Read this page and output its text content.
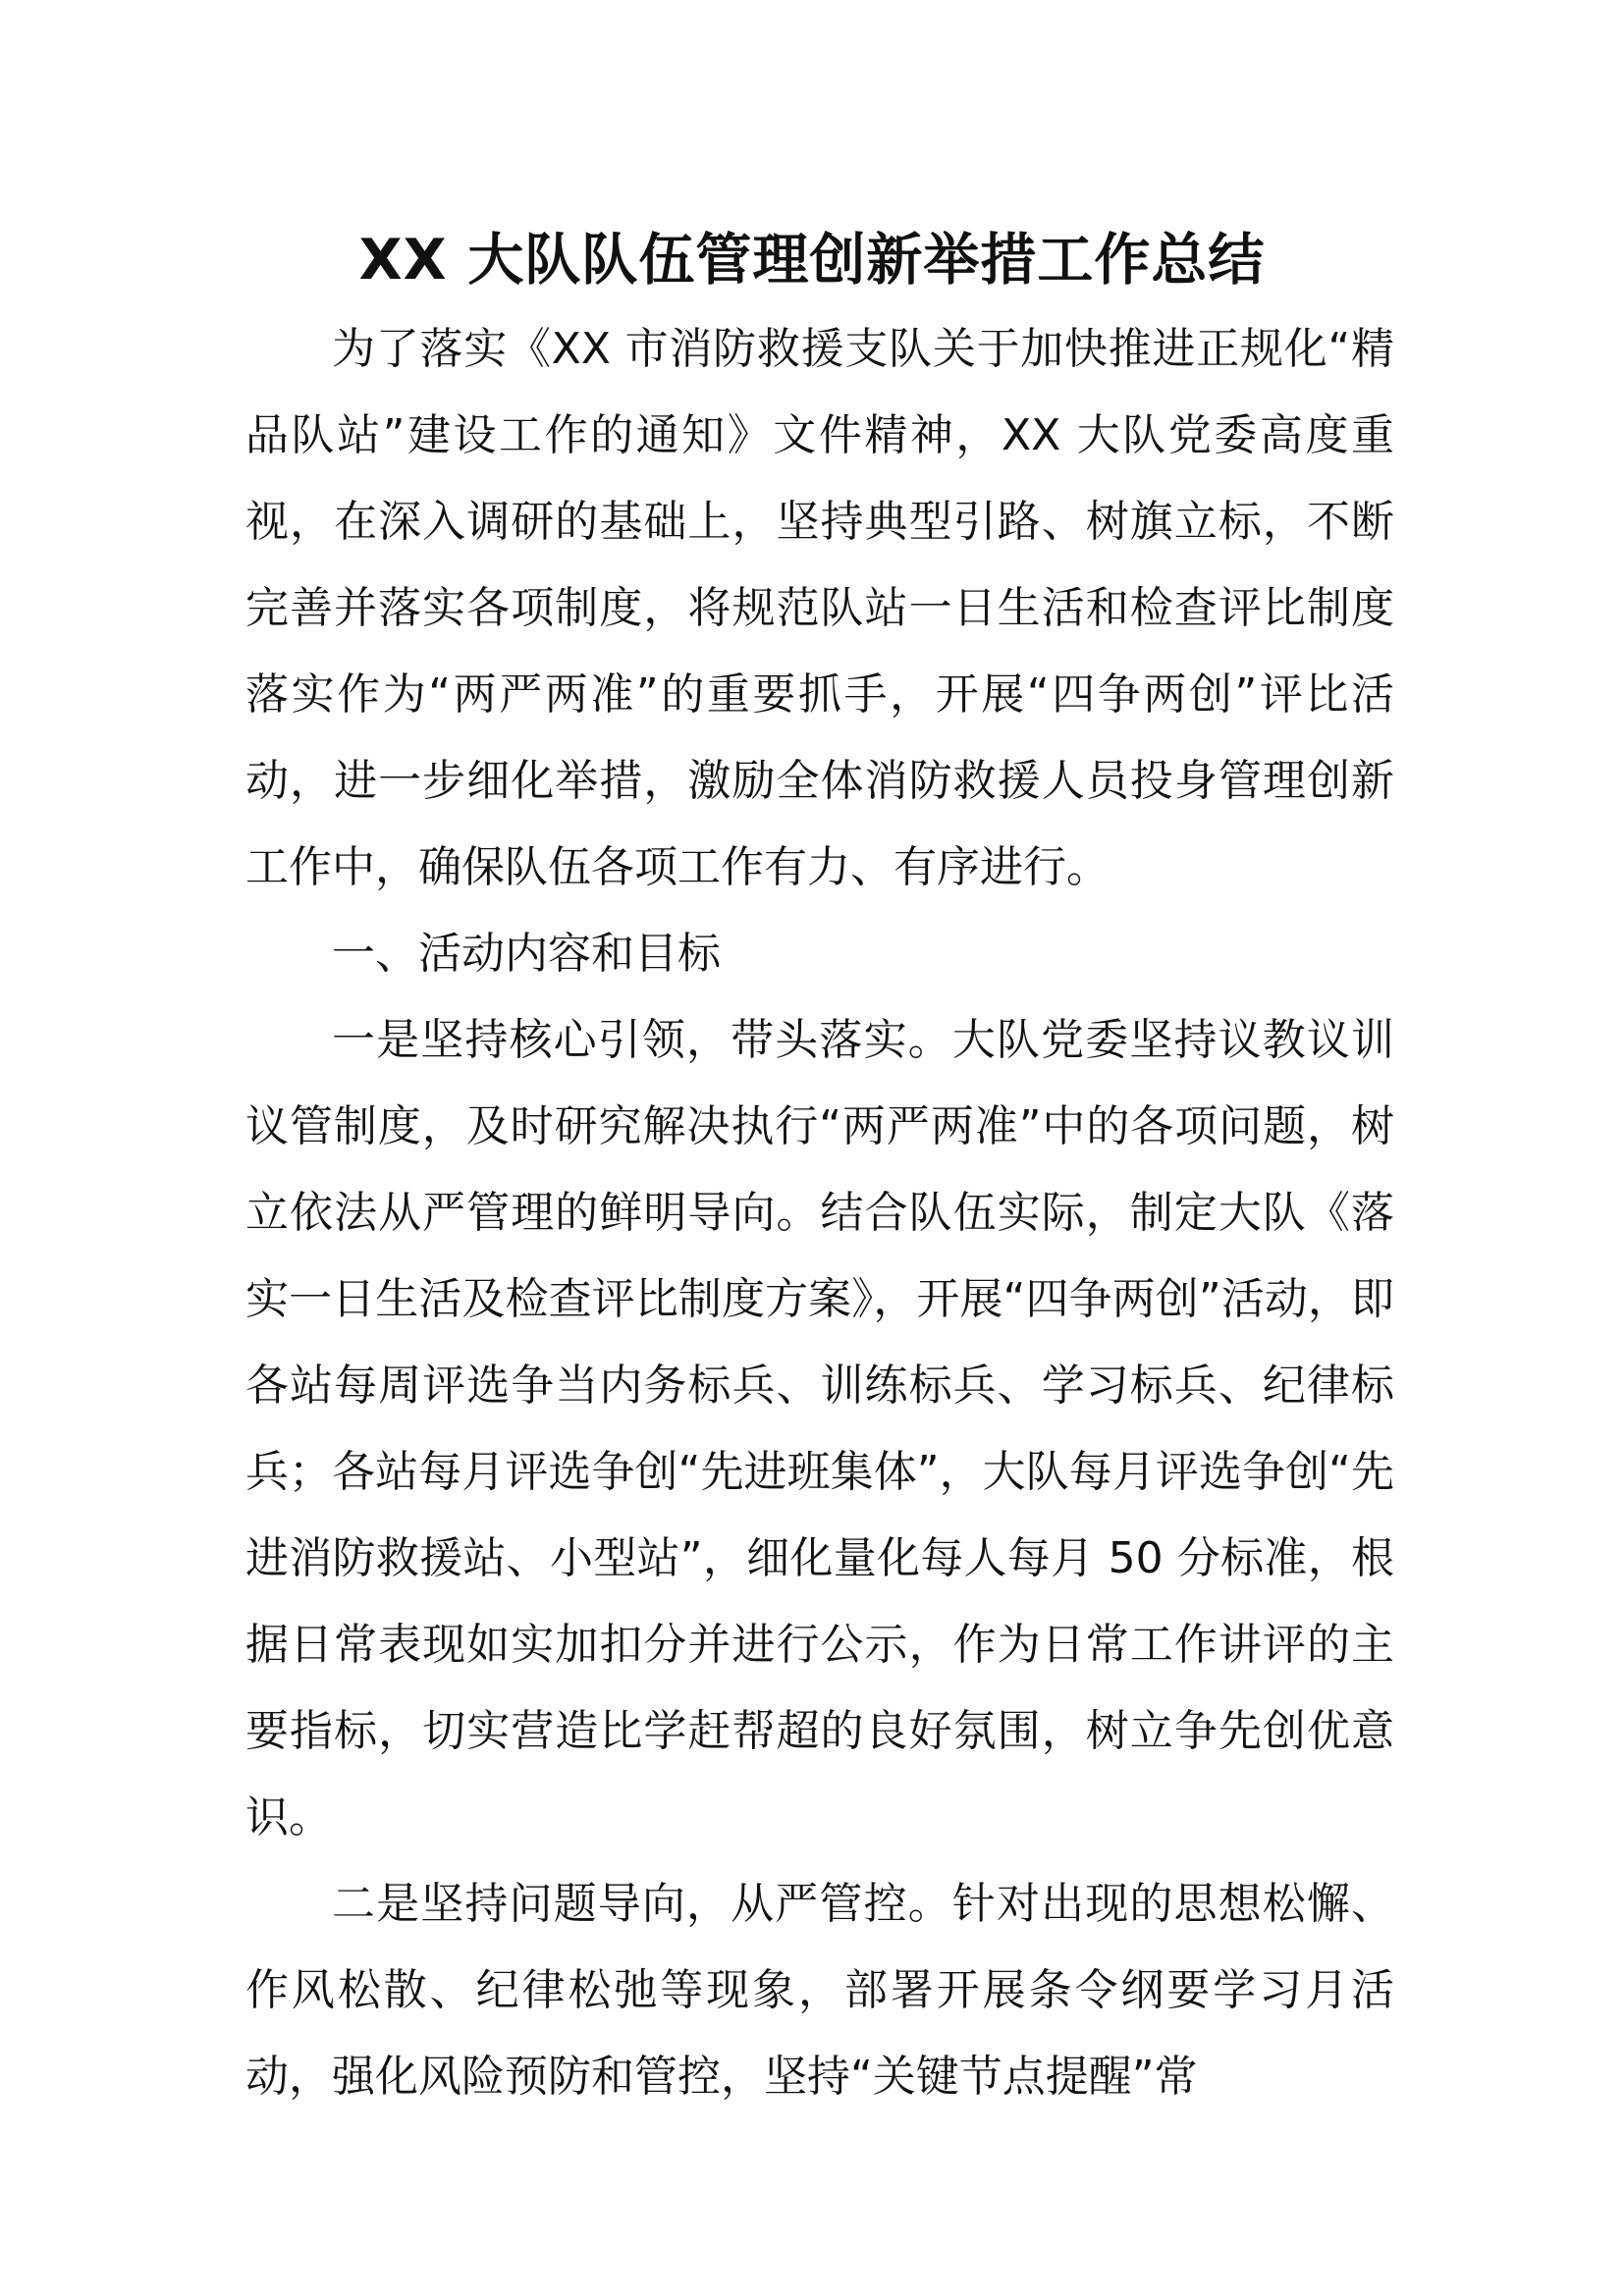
XX 大队队伍管理创新举措工作总结

为了落实《XX 市消防救援支队关于加快推进正规化“精品队站”建设工作的通知》文件精神，XX 大队党委高度重视，在深入调研的基础上，坚持典型引路、树旗立标，不断完善并落实各项制度，将规范队站一日生活和检查评比制度落实作为“两严两准”的重要抓手，开展“四争两创”评比活动，进一步细化举措，激励全体消防救援人员投身管理创新工作中，确保队伍各项工作有力、有序进行。

一、活动内容和目标

一是坚持核心引领，带头落实。大队党委坚持议教议训议管制度，及时研究解决执行“两严两准”中的各项问题，树立依法从严管理的鲜明导向。结合队伍实际，制定大队《落实一日生活及检查评比制度方案》，开展“四争两创”活动，即各站每周评选争当内务标兵、训练标兵、学习标兵、纪律标兵；各站每月评选争创“先进班集体”，大队每月评选争创“先进消防救援站、小型站”，细化量化每人每月 50 分标准，根据日常表现如实加扣分并进行公示，作为日常工作讲评的主要指标，切实营造比学赶帮超的良好氛围，树立争先创优意识。

二是坚持问题导向，从严管控。针对出现的思想松懈、作风松散、纪律松弛等现象，部署开展条令纲要学习月活动，强化风险预防和管控，坚持“关键节点提醒”常
